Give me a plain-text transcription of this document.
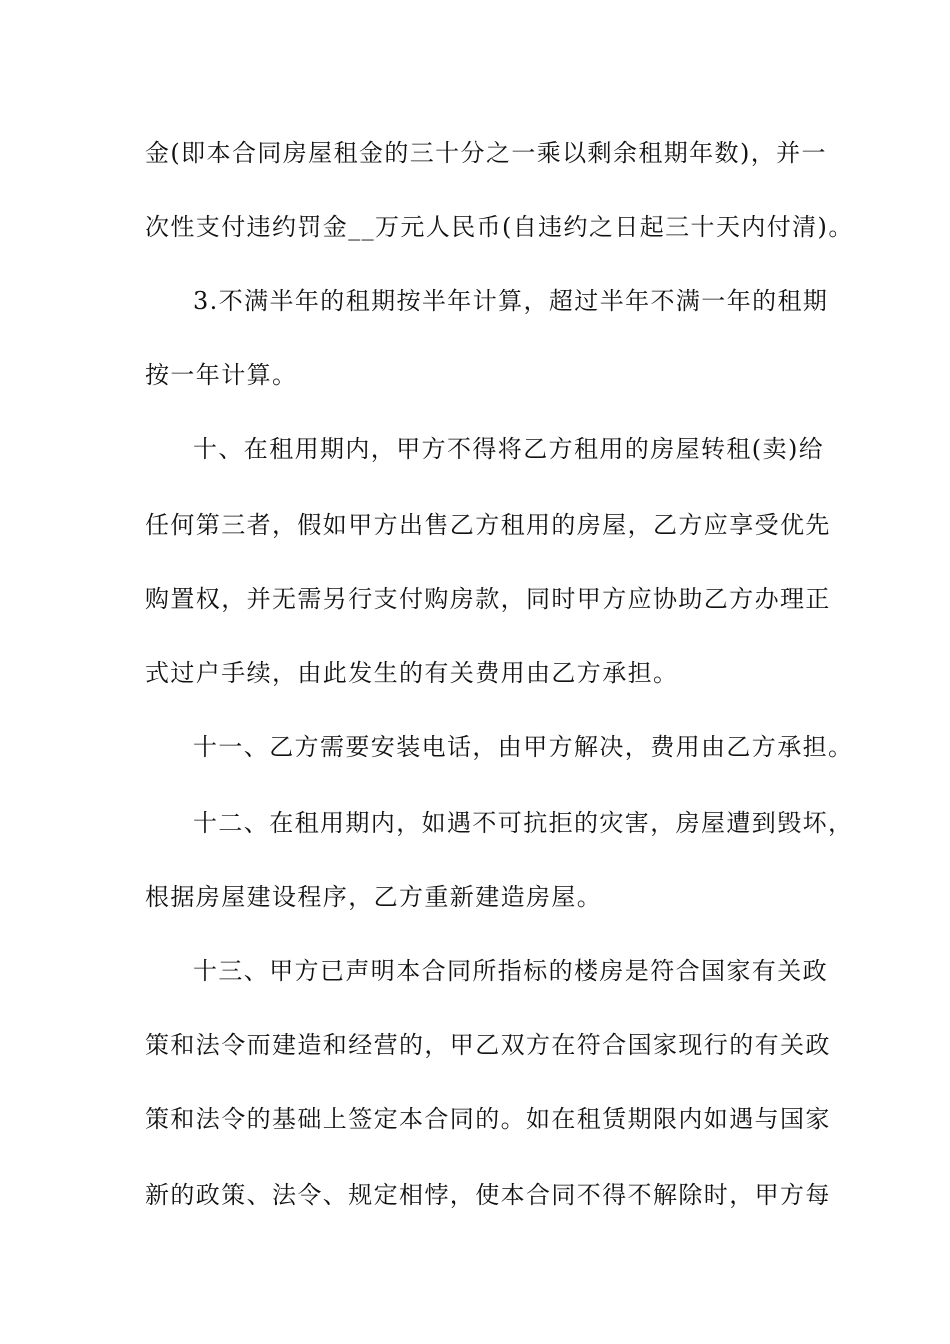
金(即本合同房屋租金的三十分之一乘以剩余租期年数)，并一
次性支付违约罚金__万元人民币(自违约之日起三十天内付清)。
3.不满半年的租期按半年计算，超过半年不满一年的租期
按一年计算。
十、在租用期内，甲方不得将乙方租用的房屋转租(卖)给
任何第三者，假如甲方出售乙方租用的房屋，乙方应享受优先
购置权，并无需另行支付购房款，同时甲方应协助乙方办理正
式过户手续，由此发生的有关费用由乙方承担。
十一、乙方需要安装电话，由甲方解决，费用由乙方承担。
十二、在租用期内，如遇不可抗拒的灾害，房屋遭到毁坏，
根据房屋建设程序，乙方重新建造房屋。
十三、甲方已声明本合同所指标的楼房是符合国家有关政
策和法令而建造和经营的，甲乙双方在符合国家现行的有关政
策和法令的基础上签定本合同的。如在租赁期限内如遇与国家
新的政策、法令、规定相悖，使本合同不得不解除时，甲方每
